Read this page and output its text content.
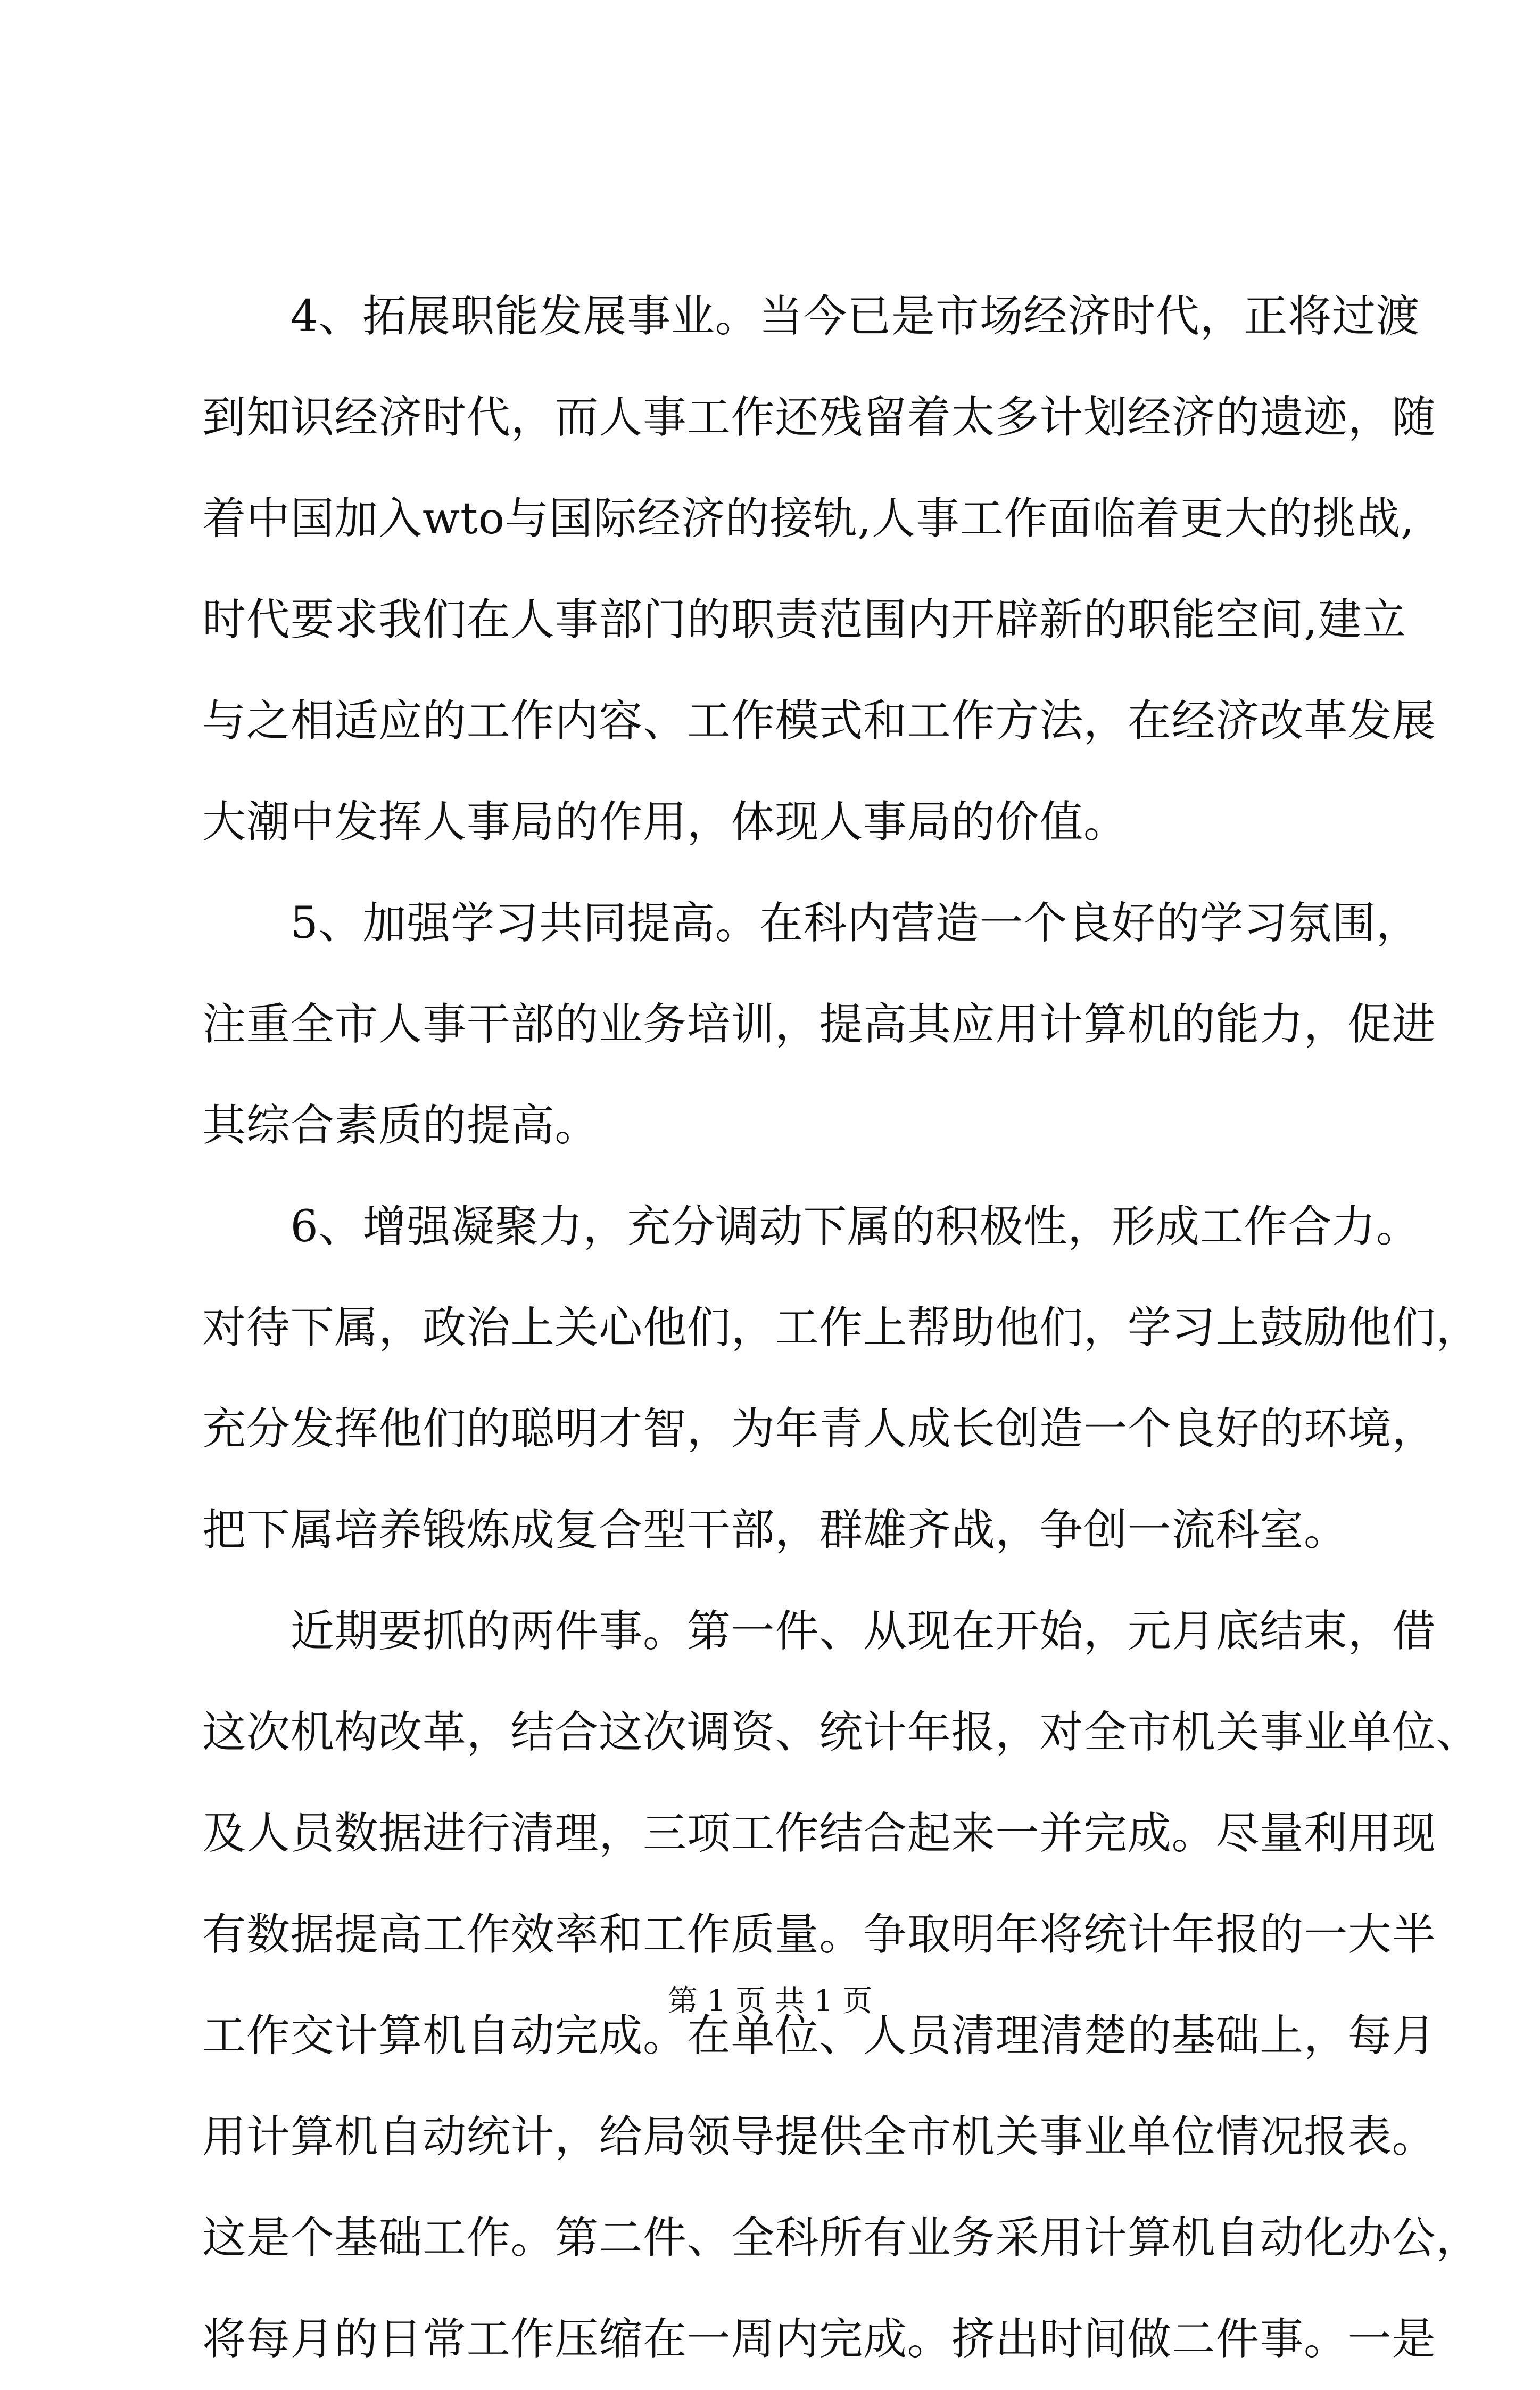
　　4、拓展职能发展事业。当今已是市场经济时代，正将过渡
到知识经济时代，而人事工作还残留着太多计划经济的遗迹，随
着中国加入wto与国际经济的接轨,人事工作面临着更大的挑战,
时代要求我们在人事部门的职责范围内开辟新的职能空间,建立
与之相适应的工作内容、工作模式和工作方法，在经济改革发展
大潮中发挥人事局的作用，体现人事局的价值。
　　5、加强学习共同提高。在科内营造一个良好的学习氛围，
注重全市人事干部的业务培训，提高其应用计算机的能力，促进
其综合素质的提高。
　　6、增强凝聚力，充分调动下属的积极性，形成工作合力。
对待下属，政治上关心他们，工作上帮助他们，学习上鼓励他们，
充分发挥他们的聪明才智，为年青人成长创造一个良好的环境，
把下属培养锻炼成复合型干部，群雄齐战，争创一流科室。
　　近期要抓的两件事。第一件、从现在开始，元月底结束，借
这次机构改革，结合这次调资、统计年报，对全市机关事业单位、
及人员数据进行清理，三项工作结合起来一并完成。尽量利用现
有数据提高工作效率和工作质量。争取明年将统计年报的一大半
工作交计算机自动完成。在单位、人员清理清楚的基础上，每月
用计算机自动统计，给局领导提供全市机关事业单位情况报表。
这是个基础工作。第二件、全科所有业务采用计算机自动化办公，
将每月的日常工作压缩在一周内完成。挤出时间做二件事。一是
第 1 页 共 1 页
